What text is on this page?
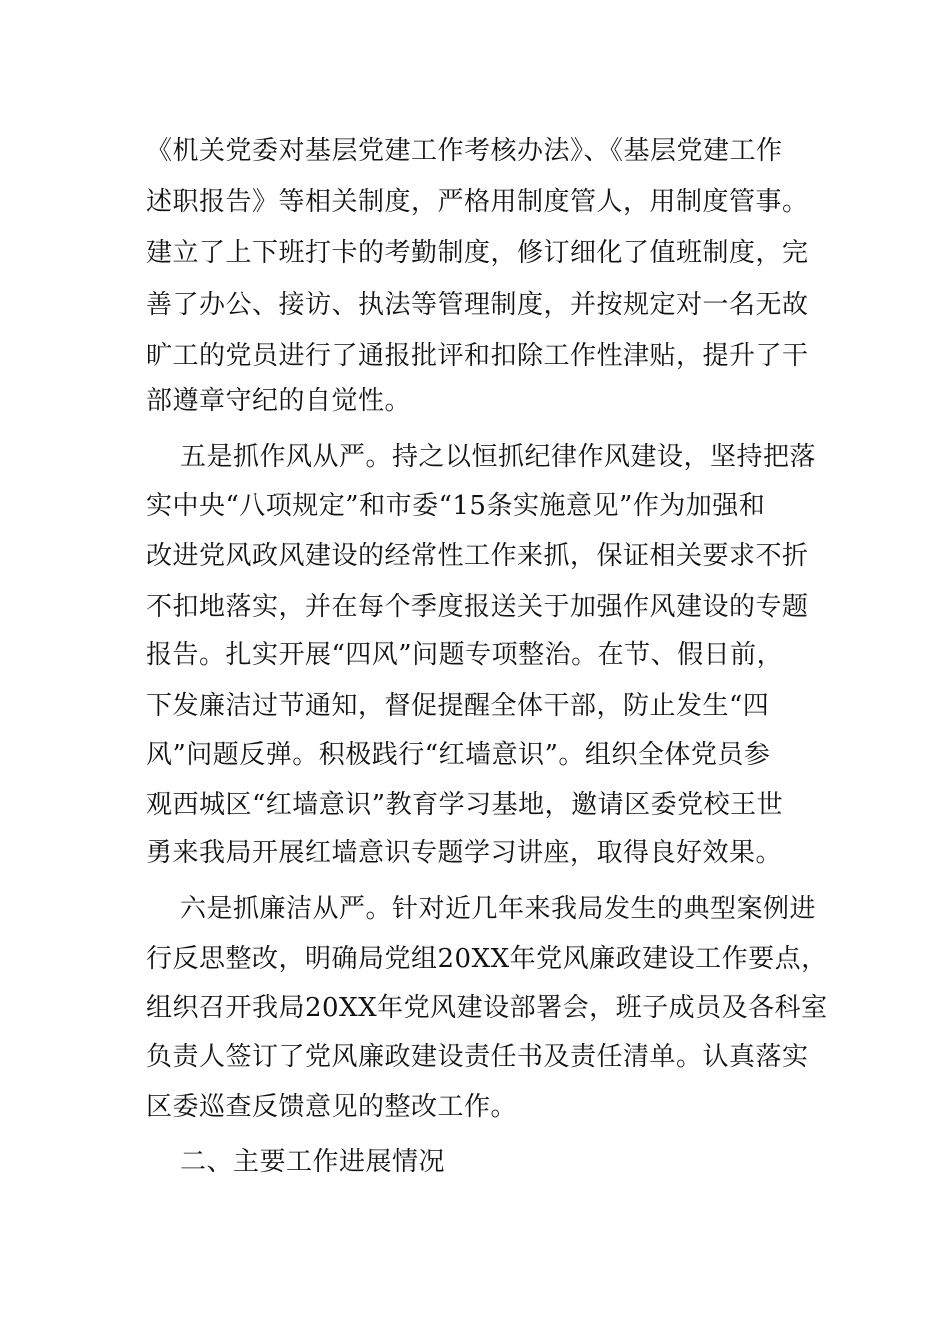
《机关党委对基层党建工作考核办法》、《基层党建工作
述职报告》等相关制度，严格用制度管人，用制度管事。
建立了上下班打卡的考勤制度，修订细化了值班制度，完
善了办公、接访、执法等管理制度，并按规定对一名无故
旷工的党员进行了通报批评和扣除工作性津贴，提升了干
部遵章守纪的自觉性。
五是抓作风从严。持之以恒抓纪律作风建设，坚持把落
实中央“八项规定”和市委“15条实施意见”作为加强和
改进党风政风建设的经常性工作来抓，保证相关要求不折
不扣地落实，并在每个季度报送关于加强作风建设的专题
报告。扎实开展“四风”问题专项整治。在节、假日前，
下发廉洁过节通知，督促提醒全体干部，防止发生“四
风”问题反弹。积极践行“红墙意识”。组织全体党员参
观西城区“红墙意识”教育学习基地，邀请区委党校王世
勇来我局开展红墙意识专题学习讲座，取得良好效果。
六是抓廉洁从严。针对近几年来我局发生的典型案例进
行反思整改，明确局党组20XX年党风廉政建设工作要点，
组织召开我局20XX年党风建设部署会，班子成员及各科室
负责人签订了党风廉政建设责任书及责任清单。认真落实
区委巡查反馈意见的整改工作。
二、主要工作进展情况
